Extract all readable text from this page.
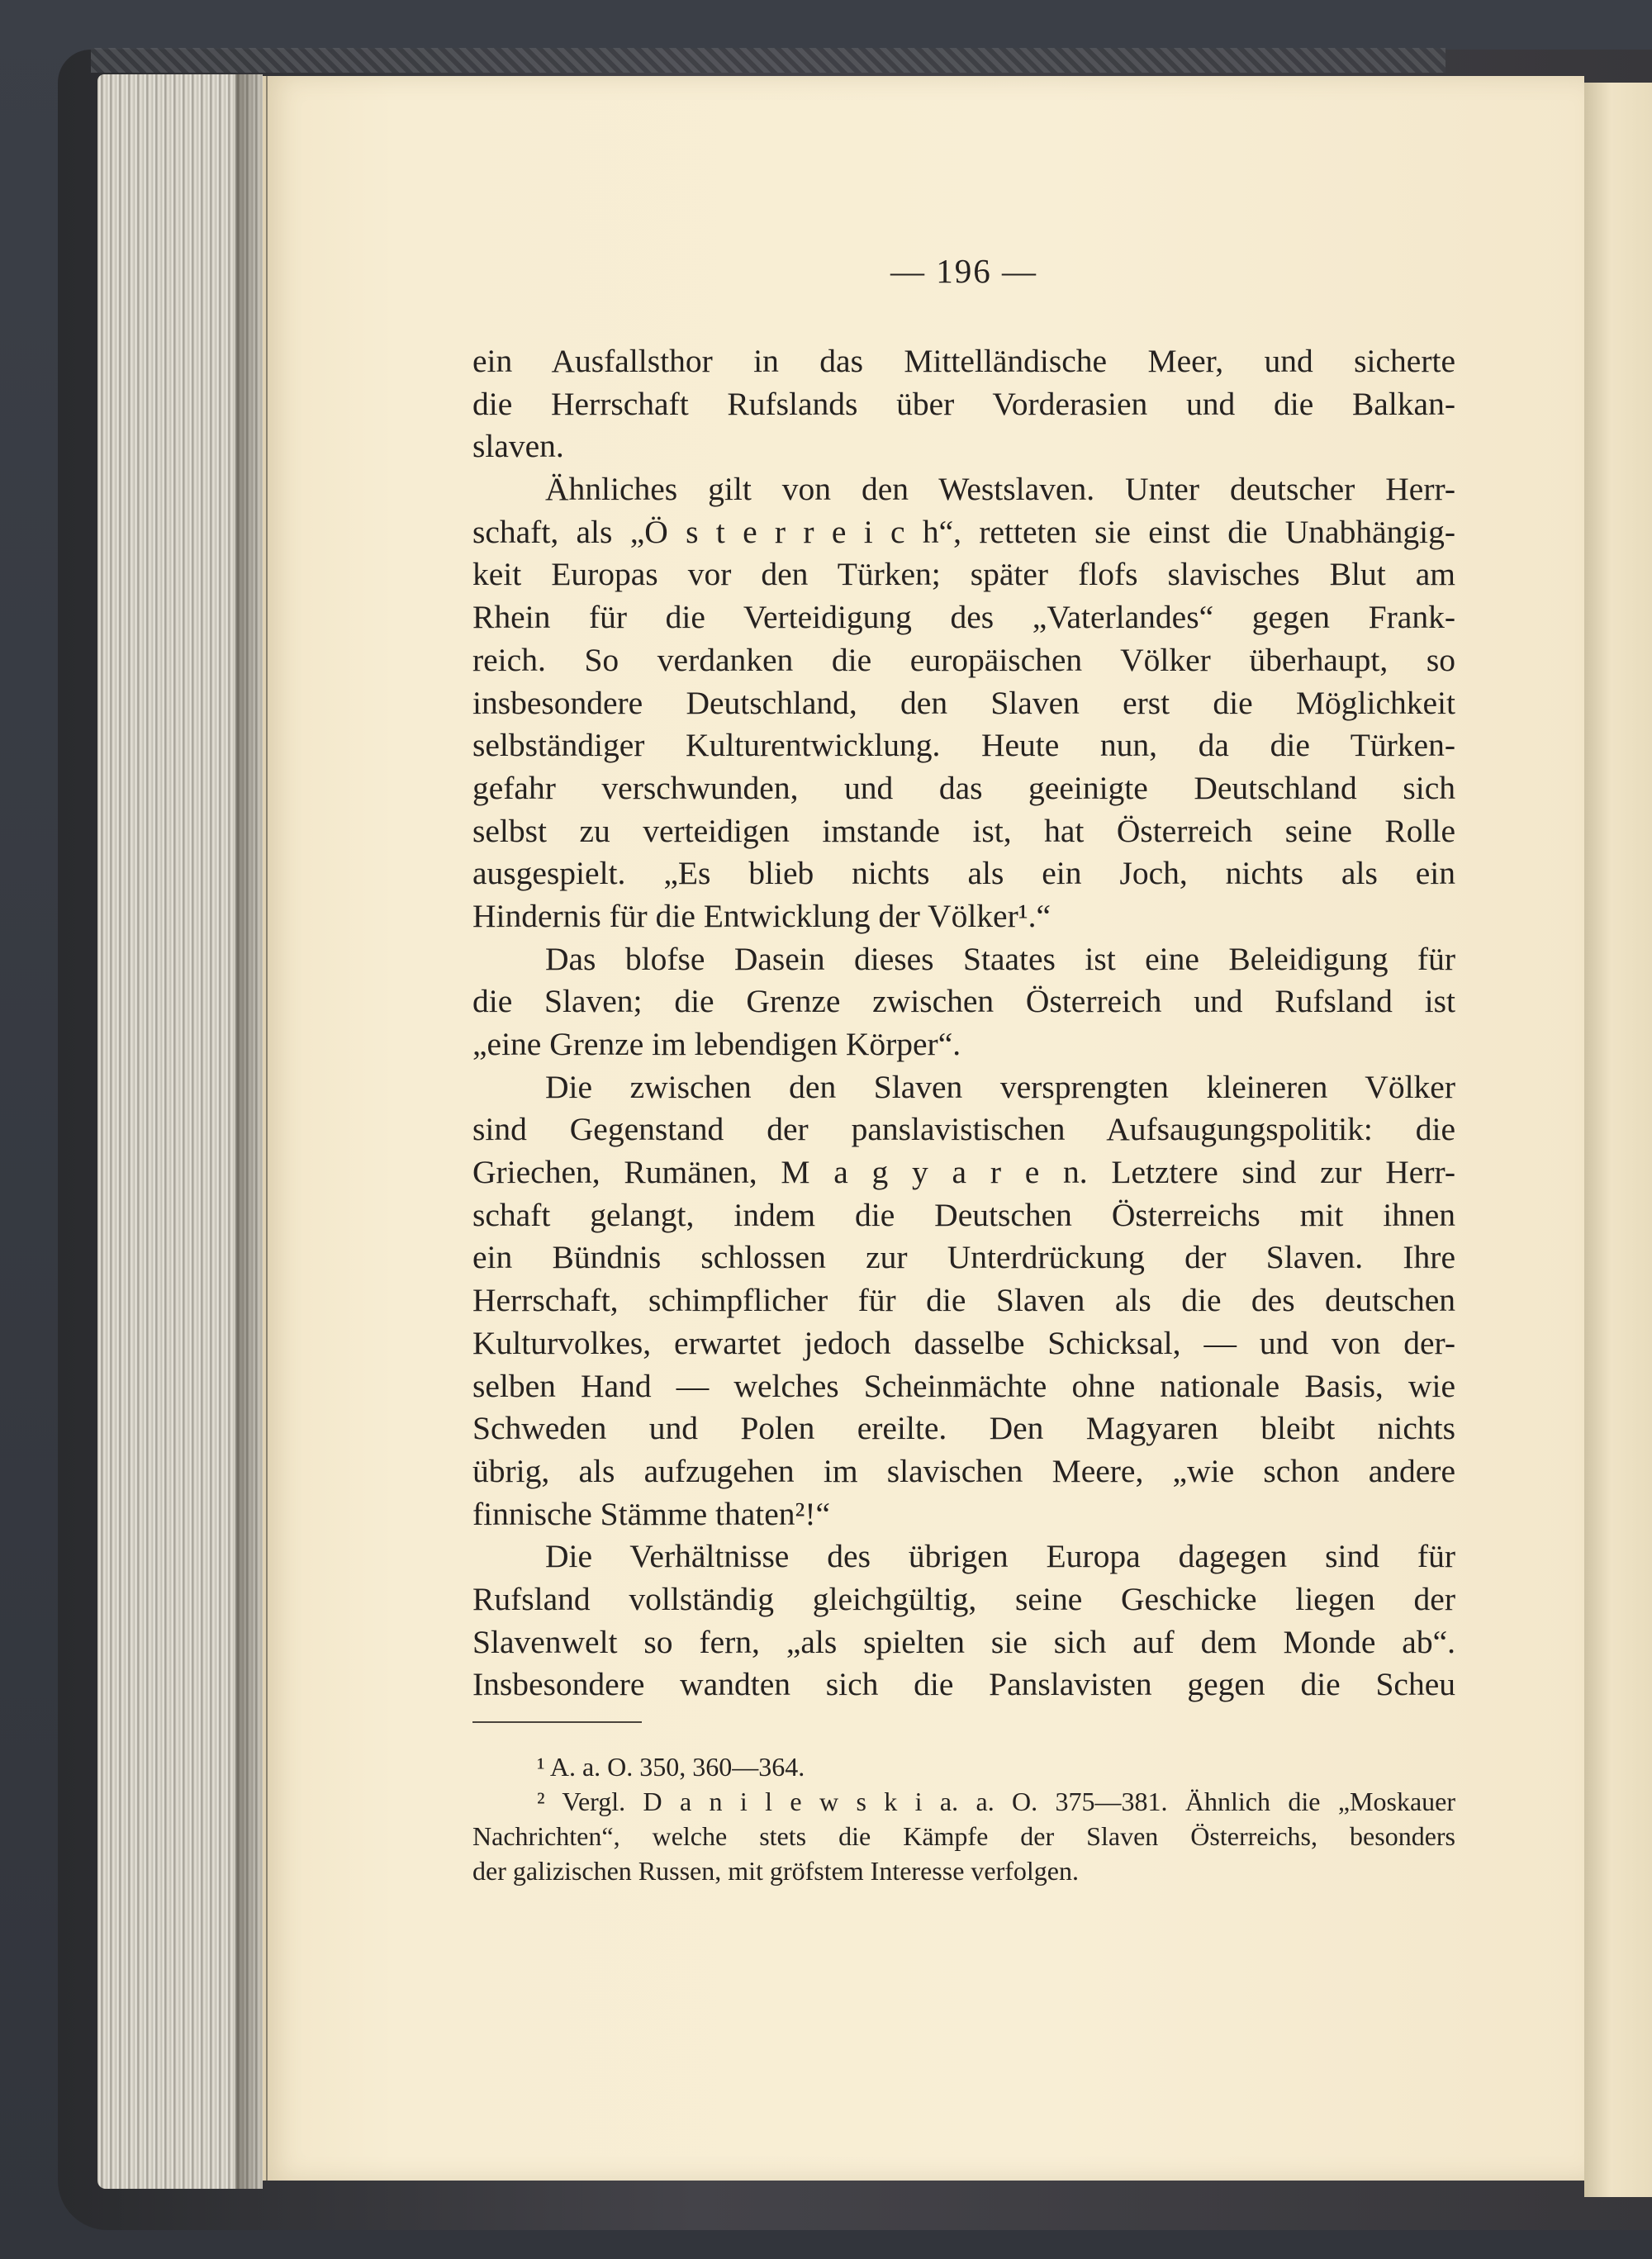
— 196 —
ein Ausfallsthor in das Mittelländische Meer, und sicherte
die Herrschaft Rufslands über Vorderasien und die Balkan-
slaven.
Ähnliches gilt von den Westslaven. Unter deutscher Herr-
schaft, als „Ö s t e r r e i c h“, retteten sie einst die Unabhängig-
keit Europas vor den Türken; später flofs slavisches Blut am
Rhein für die Verteidigung des „Vaterlandes“ gegen Frank-
reich. So verdanken die europäischen Völker überhaupt, so
insbesondere Deutschland, den Slaven erst die Möglichkeit
selbständiger Kulturentwicklung. Heute nun, da die Türken-
gefahr verschwunden, und das geeinigte Deutschland sich
selbst zu verteidigen imstande ist, hat Österreich seine Rolle
ausgespielt. „Es blieb nichts als ein Joch, nichts als ein
Hindernis für die Entwicklung der Völker¹.“
Das blofse Dasein dieses Staates ist eine Beleidigung für
die Slaven; die Grenze zwischen Österreich und Rufsland ist
„eine Grenze im lebendigen Körper“.
Die zwischen den Slaven versprengten kleineren Völker
sind Gegenstand der panslavistischen Aufsaugungspolitik: die
Griechen, Rumänen, M a g y a r e n. Letztere sind zur Herr-
schaft gelangt, indem die Deutschen Österreichs mit ihnen
ein Bündnis schlossen zur Unterdrückung der Slaven. Ihre
Herrschaft, schimpflicher für die Slaven als die des deutschen
Kulturvolkes, erwartet jedoch dasselbe Schicksal, — und von der-
selben Hand — welches Scheinmächte ohne nationale Basis, wie
Schweden und Polen ereilte. Den Magyaren bleibt nichts
übrig, als aufzugehen im slavischen Meere, „wie schon andere
finnische Stämme thaten²!“
Die Verhältnisse des übrigen Europa dagegen sind für
Rufsland vollständig gleichgültig, seine Geschicke liegen der
Slavenwelt so fern, „als spielten sie sich auf dem Monde ab“.
Insbesondere wandten sich die Panslavisten gegen die Scheu
¹ A. a. O. 350, 360—364.
² Vergl. D a n i l e w s k i a. a. O. 375—381. Ähnlich die „Moskauer
Nachrichten“, welche stets die Kämpfe der Slaven Österreichs, besonders
der galizischen Russen, mit gröfstem Interesse verfolgen.
